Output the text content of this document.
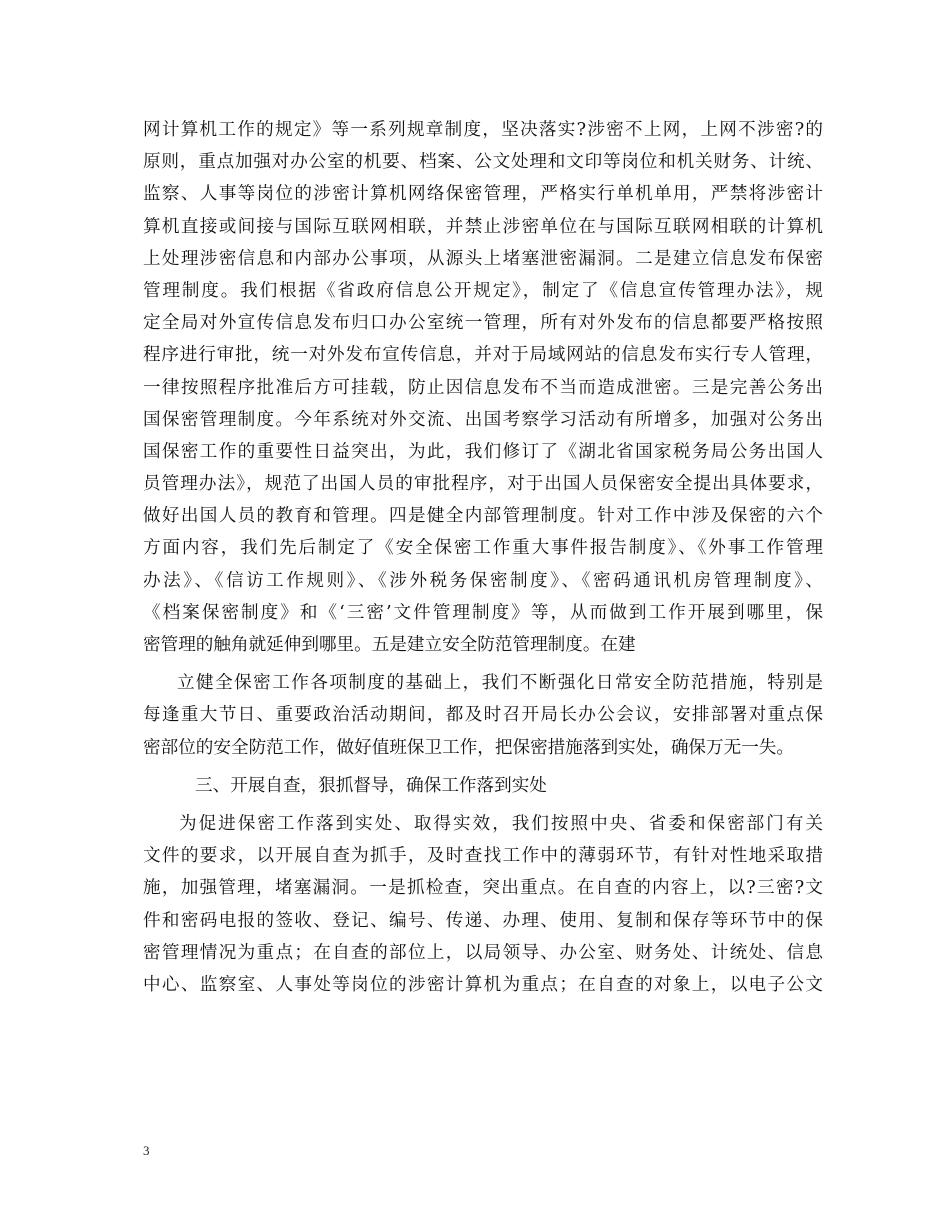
网计算机工作的规定》等一系列规章制度，坚决落实?涉密不上网，上网不涉密?的
原则，重点加强对办公室的机要、档案、公文处理和文印等岗位和机关财务、计统、
监察、人事等岗位的涉密计算机网络保密管理，严格实行单机单用，严禁将涉密计
算机直接或间接与国际互联网相联，并禁止涉密单位在与国际互联网相联的计算机
上处理涉密信息和内部办公事项，从源头上堵塞泄密漏洞。二是建立信息发布保密
管理制度。我们根据《省政府信息公开规定》，制定了《信息宣传管理办法》，规
定全局对外宣传信息发布归口办公室统一管理，所有对外发布的信息都要严格按照
程序进行审批，统一对外发布宣传信息，并对于局域网站的信息发布实行专人管理，
一律按照程序批准后方可挂载，防止因信息发布不当而造成泄密。三是完善公务出
国保密管理制度。今年系统对外交流、出国考察学习活动有所增多，加强对公务出
国保密工作的重要性日益突出，为此，我们修订了《湖北省国家税务局公务出国人
员管理办法》，规范了出国人员的审批程序，对于出国人员保密安全提出具体要求，
做好出国人员的教育和管理。四是健全内部管理制度。针对工作中涉及保密的六个
方面内容，我们先后制定了《安全保密工作重大事件报告制度》、《外事工作管理
办法》、《信访工作规则》、《涉外税务保密制度》、《密码通讯机房管理制度》、
《档案保密制度》和《‘三密’文件管理制度》等，从而做到工作开展到哪里，保
密管理的触角就延伸到哪里。五是建立安全防范管理制度。在建
立健全保密工作各项制度的基础上，我们不断强化日常安全防范措施，特别是
每逢重大节日、重要政治活动期间，都及时召开局长办公会议，安排部署对重点保
密部位的安全防范工作，做好值班保卫工作，把保密措施落到实处，确保万无一失。
三、开展自查，狠抓督导，确保工作落到实处
为促进保密工作落到实处、取得实效，我们按照中央、省委和保密部门有关
文件的要求，以开展自查为抓手，及时查找工作中的薄弱环节，有针对性地采取措
施，加强管理，堵塞漏洞。一是抓检查，突出重点。在自查的内容上，以?三密?文
件和密码电报的签收、登记、编号、传递、办理、使用、复制和保存等环节中的保
密管理情况为重点；在自查的部位上，以局领导、办公室、财务处、计统处、信息
中心、监察室、人事处等岗位的涉密计算机为重点；在自查的对象上，以电子公文
3
